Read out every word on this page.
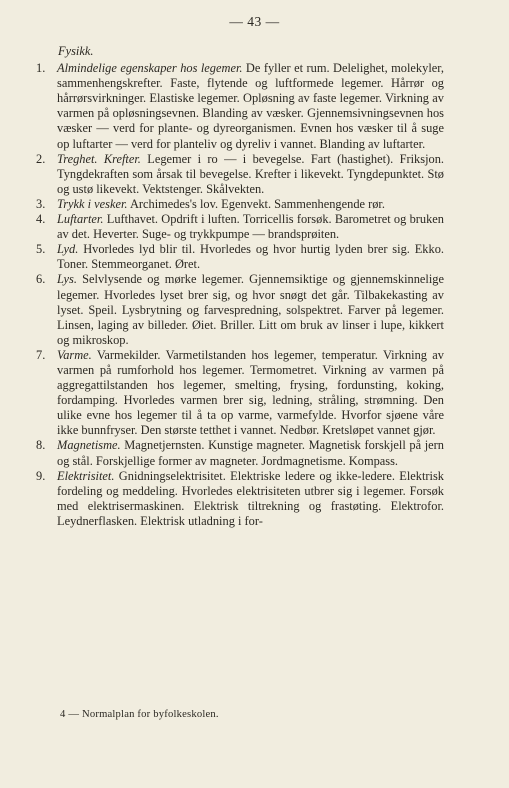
— 43 —
Fysikk.
1. Almindelige egenskaper hos legemer. De fyller et rum. Delelighet, molekyler, sammenhengskrefter. Faste, flytende og luftformede legemer. Hårrør og hårrørsvirkninger. Elastiske legemer. Opløsning av faste legemer. Virkning av varmen på opløsningsevnen. Blanding av væsker. Gjennemsivningsevnen hos væsker — verd for plante- og dyreorganismen. Evnen hos væsker til å suge op luftarter — verd for planteliv og dyreliv i vannet. Blanding av luftarter.
2. Treghet. Krefter. Legemer i ro — i bevegelse. Fart (hastighet). Friksjon. Tyngdekraften som årsak til bevegelse. Krefter i likevekt. Tyngdepunktet. Stø og ustø likevekt. Vektstenger. Skålvekten.
3. Trykk i vesker. Archimedes's lov. Egenvekt. Sammenhengende rør.
4. Luftarter. Lufthavet. Opdrift i luften. Torricellis forsøk. Barometret og bruken av det. Heverter. Suge- og trykkpumpe — brandsprøiten.
5. Lyd. Hvorledes lyd blir til. Hvorledes og hvor hurtig lyden brer sig. Ekko. Toner. Stemmeorganet. Øret.
6. Lys. Selvlysende og mørke legemer. Gjennemsiktige og gjennemskinnelige legemer. Hvorledes lyset brer sig, og hvor snøgt det går. Tilbakekasting av lyset. Speil. Lysbrytning og farvespredning, solspektret. Farver på legemer. Linsen, laging av billeder. Øiet. Briller. Litt om bruk av linser i lupe, kikkert og mikroskop.
7. Varme. Varmekilder. Varmetilstanden hos legemer, temperatur. Virkning av varmen på rumforhold hos legemer. Termometret. Virkning av varmen på aggregattilstanden hos legemer, smelting, frysing, fordunsting, koking, fordamping. Hvorledes varmen brer sig, ledning, stråling, strømning. Den ulike evne hos legemer til å ta op varme, varmefylde. Hvorfor sjøene våre ikke bunnfryser. Den største tetthet i vannet. Nedbør. Kretsløpet vannet gjør.
8. Magnetisme. Magnetjernsten. Kunstige magneter. Magnetisk forskjell på jern og stål. Forskjellige former av magneter. Jordmagnetisme. Kompass.
9. Elektrisitet. Gnidningselektrisitet. Elektriske ledere og ikke-ledere. Elektrisk fordeling og meddeling. Hvorledes elektrisiteten utbrer sig i legemer. Forsøk med elektrisermaskinen. Elektrisk tiltrekning og frastøting. Elektrofor. Leydnerflasken. Elektrisk utladning i for-
4 — Normalplan for byfolkeskolen.
